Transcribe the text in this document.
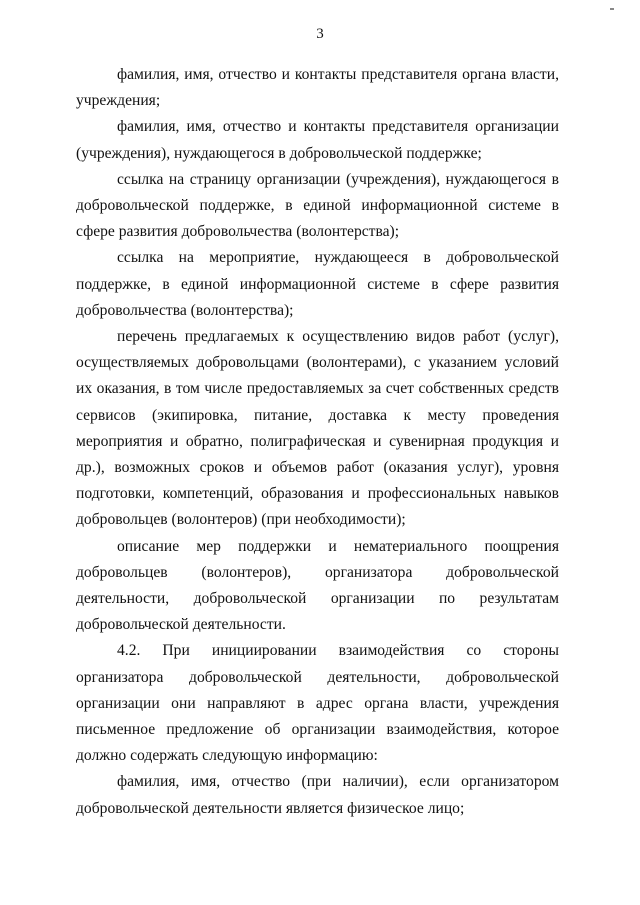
3

фамилия, имя, отчество и контакты представителя органа власти, учреждения;

фамилия, имя, отчество и контакты представителя организации (учреждения), нуждающегося в добровольческой поддержке;

ссылка на страницу организации (учреждения), нуждающегося в добровольческой поддержке, в единой информационной системе в сфере развития добровольчества (волонтерства);

ссылка на мероприятие, нуждающееся в добровольческой поддержке, в единой информационной системе в сфере развития добровольчества (волонтерства);

перечень предлагаемых к осуществлению видов работ (услуг), осуществляемых добровольцами (волонтерами), с указанием условий их оказания, в том числе предоставляемых за счет собственных средств сервисов (экипировка, питание, доставка к месту проведения мероприятия и обратно, полиграфическая и сувенирная продукция и др.), возможных сроков и объемов работ (оказания услуг), уровня подготовки, компетенций, образования и профессиональных навыков добровольцев (волонтеров) (при необходимости);

описание мер поддержки и нематериального поощрения добровольцев (волонтеров), организатора добровольческой деятельности, добровольческой организации по результатам добровольческой деятельности.

4.2. При инициировании взаимодействия со стороны организатора добровольческой деятельности, добровольческой организации они направляют в адрес органа власти, учреждения письменное предложение об организации взаимодействия, которое должно содержать следующую информацию:

фамилия, имя, отчество (при наличии), если организатором добровольческой деятельности является физическое лицо;
